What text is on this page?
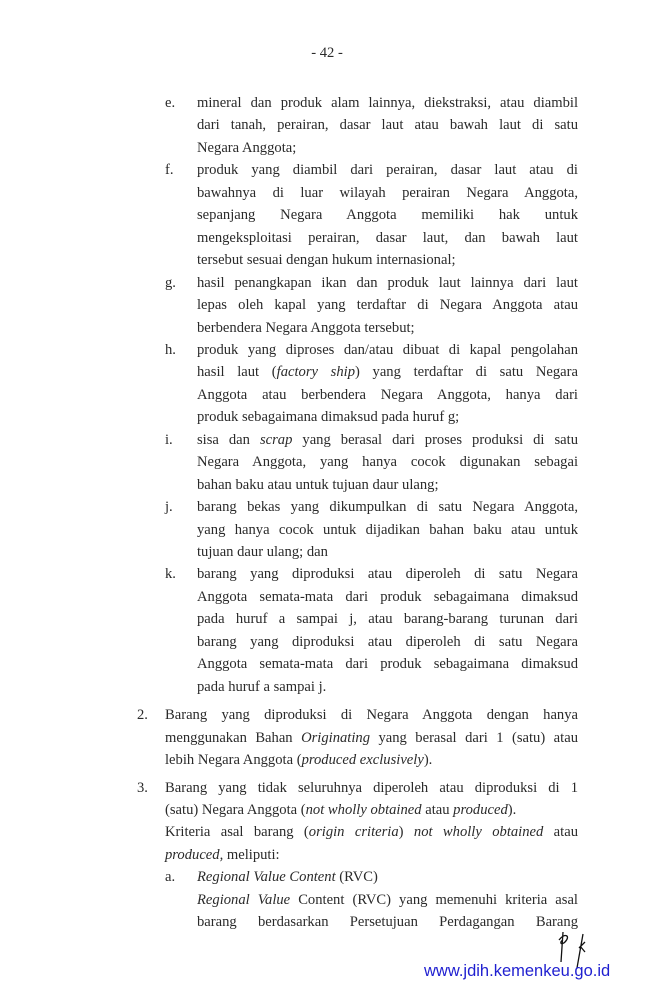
- 42 -
e. mineral dan produk alam lainnya, diekstraksi, atau diambil
dari tanah, perairan, dasar laut atau bawah laut di satu
Negara Anggota;
f. produk yang diambil dari perairan, dasar laut atau di
bawahnya di luar wilayah perairan Negara Anggota,
sepanjang Negara Anggota memiliki hak untuk
mengeksploitasi perairan, dasar laut, dan bawah laut
tersebut sesuai dengan hukum internasional;
g. hasil penangkapan ikan dan produk laut lainnya dari laut
lepas oleh kapal yang terdaftar di Negara Anggota atau
berbendera Negara Anggota tersebut;
h. produk yang diproses dan/atau dibuat di kapal pengolahan
hasil laut (factory ship) yang terdaftar di satu Negara
Anggota atau berbendera Negara Anggota, hanya dari
produk sebagaimana dimaksud pada huruf g;
i. sisa dan scrap yang berasal dari proses produksi di satu
Negara Anggota, yang hanya cocok digunakan sebagai
bahan baku atau untuk tujuan daur ulang;
j. barang bekas yang dikumpulkan di satu Negara Anggota,
yang hanya cocok untuk dijadikan bahan baku atau untuk
tujuan daur ulang; dan
k. barang yang diproduksi atau diperoleh di satu Negara
Anggota semata-mata dari produk sebagaimana dimaksud
pada huruf a sampai j, atau barang-barang turunan dari
barang yang diproduksi atau diperoleh di satu Negara
Anggota semata-mata dari produk sebagaimana dimaksud
pada huruf a sampai j.
2. Barang yang diproduksi di Negara Anggota dengan hanya
menggunakan Bahan Originating yang berasal dari 1 (satu) atau
lebih Negara Anggota (produced exclusively).
3. Barang yang tidak seluruhnya diperoleh atau diproduksi di 1
(satu) Negara Anggota (not wholly obtained atau produced).
Kriteria asal barang (origin criteria) not wholly obtained atau
produced, meliputi:
a. Regional Value Content (RVC)
Regional Value Content (RVC) yang memenuhi kriteria asal
barang berdasarkan Persetujuan Perdagangan Barang
www.jdih.kemenkeu.go.id
